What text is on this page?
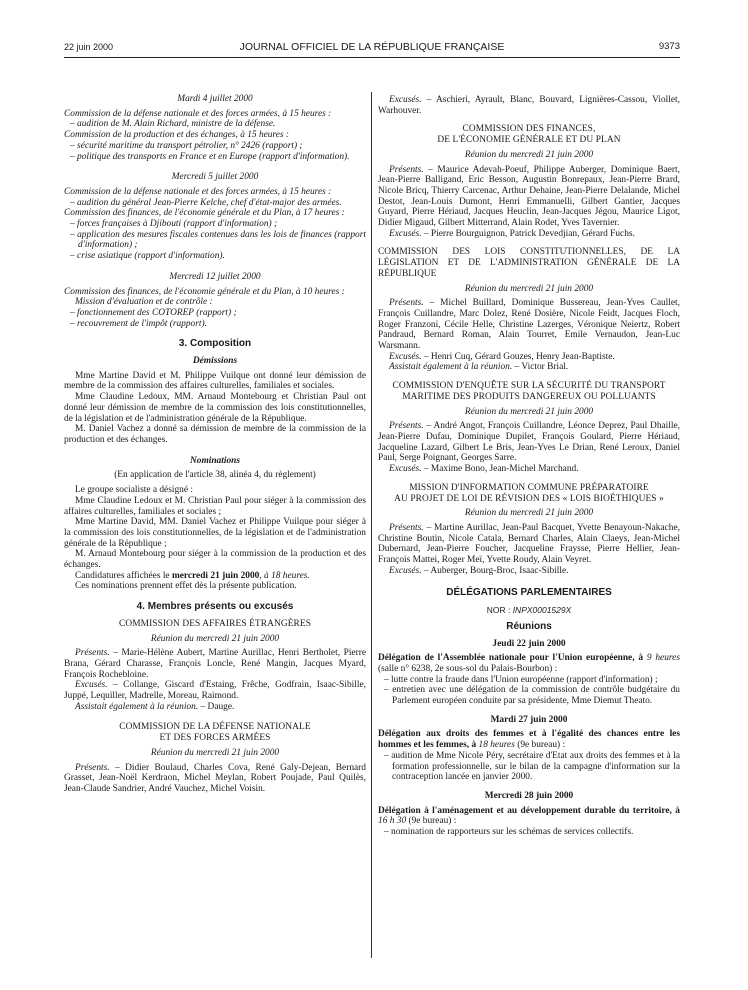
22 juin 2000	JOURNAL OFFICIEL DE LA RÉPUBLIQUE FRANÇAISE	9373

Mardi 4 juillet 2000

Commission de la défense nationale et des forces armées, à 15 heures :

– audition de M. Alain Richard, ministre de la défense.

Commission de la production et des échanges, à 15 heures :

– sécurité maritime du transport pétrolier, n° 2426 (rapport) ;

– politique des transports en France et en Europe (rapport d'information).

Mercredi 5 juillet 2000

Commission de la défense nationale et des forces armées, à 15 heures :

– audition du général Jean-Pierre Kelche, chef d'état-major des armées.

Commission des finances, de l'économie générale et du Plan, à 17 heures :

– forces françaises à Djibouti (rapport d'information) ;

– application des mesures fiscales contenues dans les lois de finances (rapport d'information) ;

– crise asiatique (rapport d'information).

Mercredi 12 juillet 2000

Commission des finances, de l'économie générale et du Plan, à 10 heures :

Mission d'évaluation et de contrôle :

– fonctionnement des COTOREP (rapport) ;

– recouvrement de l'impôt (rapport).

3. Composition

Démissions

Mme Martine David et M. Philippe Vuilque ont donné leur démission de membre de la commission des affaires culturelles, familiales et sociales.

Mme Claudine Ledoux, MM. Arnaud Montebourg et Christian Paul ont donné leur démission de membre de la commission des lois constitutionnelles, de la législation et de l'administration générale de la République.

M. Daniel Vachez a donné sa démission de membre de la commission de la production et des échanges.

Nominations

(En application de l'article 38, alinéa 4, du règlement)

Le groupe socialiste a désigné :

Mme Claudine Ledoux et M. Christian Paul pour siéger à la commission des affaires culturelles, familiales et sociales ;

Mme Martine David, MM. Daniel Vachez et Philippe Vuilque pour siéger à la commission des lois constitutionnelles, de la législation et de l'administration générale de la République ;

M. Arnaud Montebourg pour siéger à la commission de la production et des échanges.

Candidatures affichées le mercredi 21 juin 2000, à 18 heures.

Ces nominations prennent effet dès la présente publication.

4. Membres présents ou excusés

COMMISSION DES AFFAIRES ÉTRANGÈRES

Réunion du mercredi 21 juin 2000

Présents. – Marie-Hélène Aubert, Martine Aurillac, Henri Bertholet, Pierre Brana, Gérard Charasse, François Loncle, René Mangin, Jacques Myard, François Rochebloine.

Excusés. – Collange, Giscard d'Estaing, Frêche, Godfrain, Isaac-Sibille, Juppé, Lequiller, Madrelle, Moreau, Raimond.

Assistait également à la réunion. – Dauge.

COMMISSION DE LA DÉFENSE NATIONALE

ET DES FORCES ARMÉES

Réunion du mercredi 21 juin 2000

Présents. – Didier Boulaud, Charles Cova, René Galy-Dejean, Bernard Grasset, Jean-Noël Kerdraon, Michel Meylan, Robert Poujade, Paul Quilès, Jean-Claude Sandrier, André Vauchez, Michel Voisin.

Excusés. – Aschieri, Ayrault, Blanc, Bouvard, Lignières-Cassou, Viollet, Warhouver.

COMMISSION DES FINANCES,

DE L'ÉCONOMIE GÉNÉRALE ET DU PLAN

Réunion du mercredi 21 juin 2000

Présents. – Maurice Adevah-Poeuf, Philippe Auberger, Dominique Baert, Jean-Pierre Balligand, Eric Besson, Augustin Bonrepaux, Jean-Pierre Brard, Nicole Bricq, Thierry Carcenac, Arthur Dehaine, Jean-Pierre Delalande, Michel Destot, Jean-Louis Dumont, Henri Emmanuelli, Gilbert Gantier, Jacques Guyard, Pierre Hériaud, Jacques Heuclin, Jean-Jacques Jégou, Maurice Ligot, Didier Migaud, Gilbert Mitterrand, Alain Rodet, Yves Tavernier.

Excusés. – Pierre Bourguignon, Patrick Devedjian, Gérard Fuchs.

COMMISSION DES LOIS CONSTITUTIONNELLES, DE LA LÉGISLATION ET DE L'ADMINISTRATION GÉNÉRALE DE LA RÉPUBLIQUE

Réunion du mercredi 21 juin 2000

Présents. – Michel Buillard, Dominique Bussereau, Jean-Yves Caullet, François Cuillandre, Marc Dolez, René Dosière, Nicole Feidt, Jacques Floch, Roger Franzoni, Cécile Helle, Christine Lazerges, Véronique Neiertz, Robert Pandraud, Bernard Roman, Alain Tourret, Emile Vernaudon, Jean-Luc Warsmann.

Excusés. – Henri Cuq, Gérard Gouzes, Henry Jean-Baptiste.

Assistait également à la réunion. – Victor Brial.

COMMISSION D'ENQUÊTE SUR LA SÉCURITÉ DU TRANSPORT

MARITIME DES PRODUITS DANGEREUX OU POLLUANTS

Réunion du mercredi 21 juin 2000

Présents. – André Angot, François Cuillandre, Léonce Deprez, Paul Dhaille, Jean-Pierre Dufau, Dominique Dupilet, François Goulard, Pierre Hériaud, Jacqueline Lazard, Gilbert Le Bris, Jean-Yves Le Drian, René Leroux, Daniel Paul, Serge Poignant, Georges Sarre.

Excusés. – Maxime Bono, Jean-Michel Marchand.

MISSION D'INFORMATION COMMUNE PRÉPARATOIRE

AU PROJET DE LOI DE RÉVISION DES « LOIS BIOÉTHIQUES »

Réunion du mercredi 21 juin 2000

Présents. – Martine Aurillac, Jean-Paul Bacquet, Yvette Benayoun-Nakache, Christine Boutin, Nicole Catala, Bernard Charles, Alain Claeys, Jean-Michel Dubernard, Jean-Pierre Foucher, Jacqueline Fraysse, Pierre Hellier, Jean-François Mattei, Roger Meï, Yvette Roudy, Alain Veyret.

Excusés. – Auberger, Bourg-Broc, Isaac-Sibille.

DÉLÉGATIONS PARLEMENTAIRES

NOR : INPX0001529X

Réunions

Jeudi 22 juin 2000

Délégation de l'Assemblée nationale pour l'Union européenne, à 9 heures (salle n° 6238, 2e sous-sol du Palais-Bourbon) :

– lutte contre la fraude dans l'Union européenne (rapport d'information) ;

– entretien avec une délégation de la commission de contrôle budgétaire du Parlement européen conduite par sa présidente, Mme Diemut Theato.

Mardi 27 juin 2000

Délégation aux droits des femmes et à l'égalité des chances entre les hommes et les femmes, à 18 heures (9e bureau) :

– audition de Mme Nicole Péry, secrétaire d'Etat aux droits des femmes et à la formation professionnelle, sur le bilan de la campagne d'information sur la contraception lancée en janvier 2000.

Mercredi 28 juin 2000

Délégation à l'aménagement et au développement durable du territoire, à 16 h 30 (9e bureau) :

– nomination de rapporteurs sur les schémas de services collectifs.
